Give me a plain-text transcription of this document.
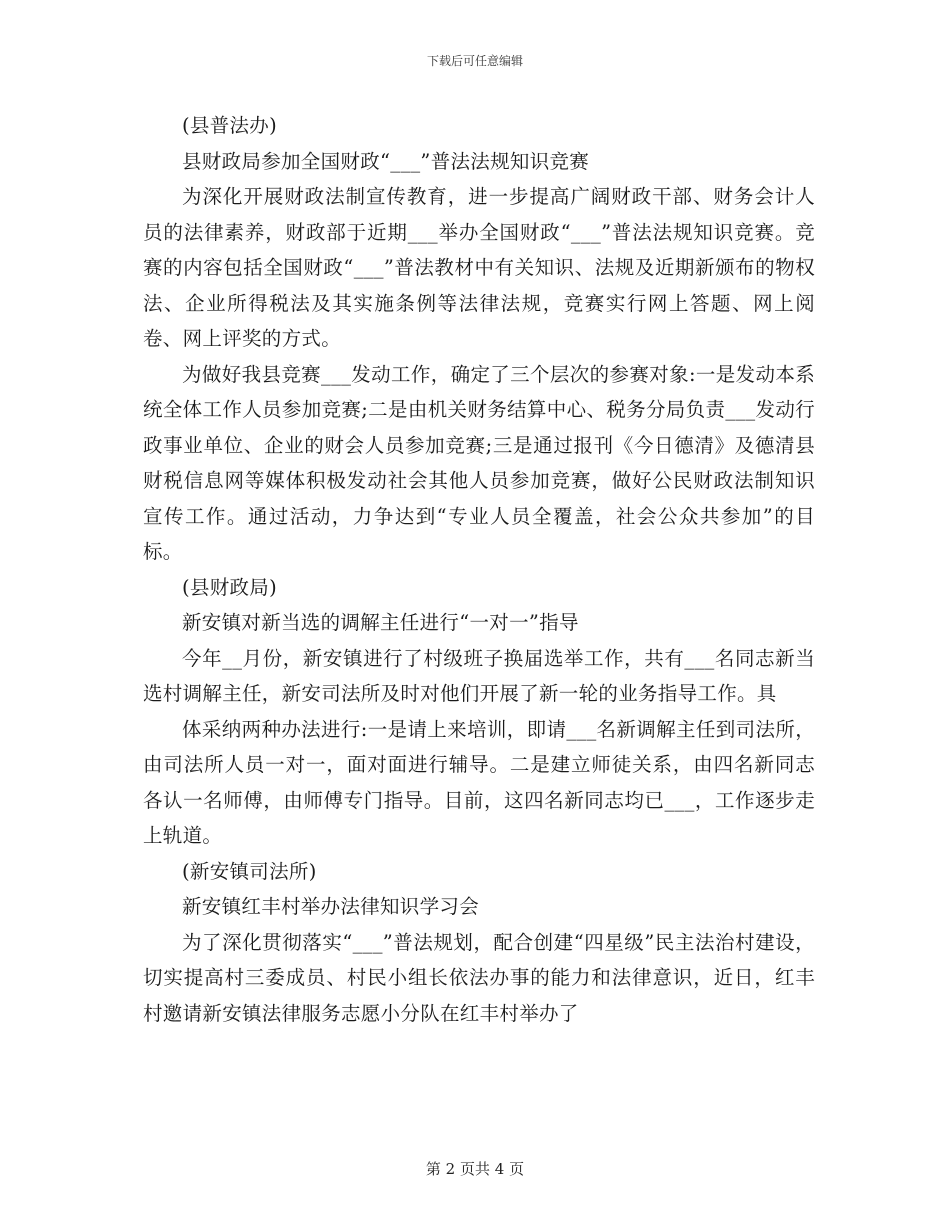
下载后可任意编辑

(县普法办)

县财政局参加全国财政“___”普法法规知识竞赛

为深化开展财政法制宣传教育，进一步提高广阔财政干部、财务会计人员的法律素养，财政部于近期___举办全国财政“___”普法法规知识竞赛。竞赛的内容包括全国财政“___”普法教材中有关知识、法规及近期新颁布的物权法、企业所得税法及其实施条例等法律法规，竞赛实行网上答题、网上阅卷、网上评奖的方式。

为做好我县竞赛___发动工作，确定了三个层次的参赛对象:一是发动本系统全体工作人员参加竞赛;二是由机关财务结算中心、税务分局负责___发动行政事业单位、企业的财会人员参加竞赛;三是通过报刊《今日德清》及德清县财税信息网等媒体积极发动社会其他人员参加竞赛，做好公民财政法制知识宣传工作。通过活动，力争达到“专业人员全覆盖，社会公众共参加”的目标。

(县财政局)

新安镇对新当选的调解主任进行“一对一”指导

今年__月份，新安镇进行了村级班子换届选举工作，共有___名同志新当选村调解主任，新安司法所及时对他们开展了新一轮的业务指导工作。具

体采纳两种办法进行:一是请上来培训，即请___名新调解主任到司法所，由司法所人员一对一，面对面进行辅导。二是建立师徒关系，由四名新同志各认一名师傅，由师傅专门指导。目前，这四名新同志均已___，工作逐步走上轨道。

(新安镇司法所)

新安镇红丰村举办法律知识学习会

为了深化贯彻落实“___”普法规划，配合创建“四星级”民主法治村建设，切实提高村三委成员、村民小组长依法办事的能力和法律意识，近日，红丰村邀请新安镇法律服务志愿小分队在红丰村举办了

第 2 页共 4 页
